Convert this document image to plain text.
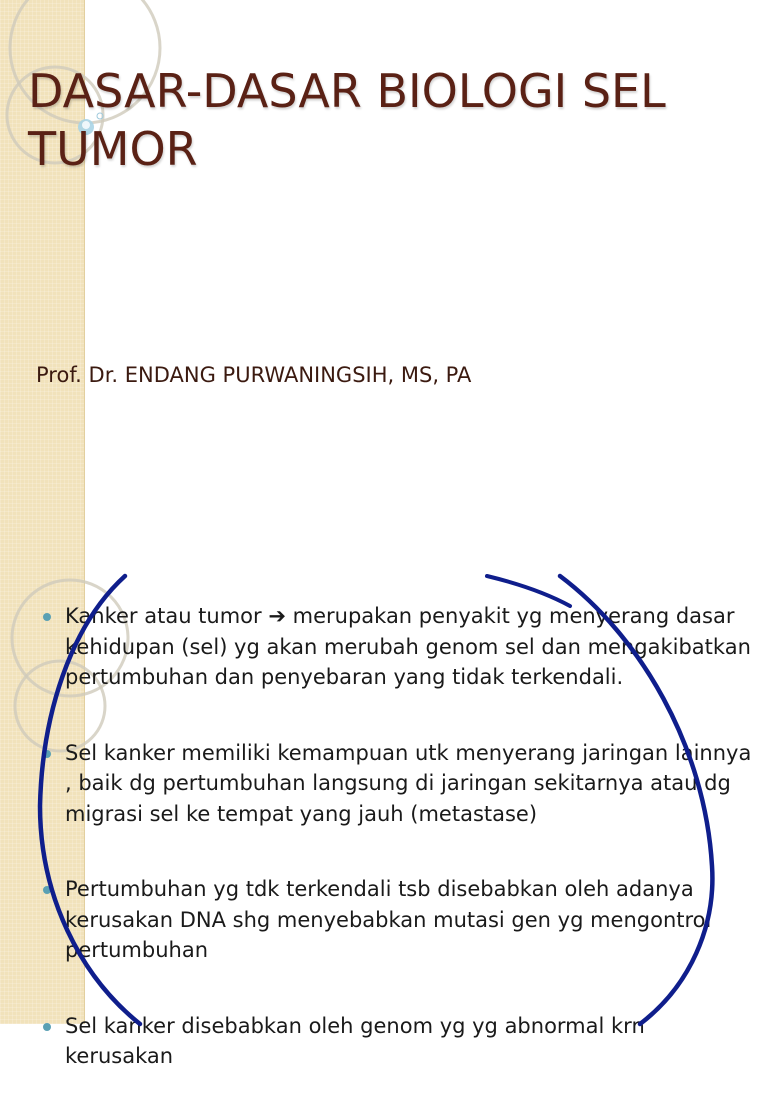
DASAR-DASAR BIOLOGI SEL TUMOR
Prof. Dr. ENDANG PURWANINGSIH, MS, PA
Kanker atau tumor ➔ merupakan penyakit yg menyerang dasar kehidupan (sel) yg akan merubah genom sel dan mengakibatkan pertumbuhan dan penyebaran yang tidak terkendali.
Sel kanker memiliki kemampuan utk menyerang jaringan lainnya , baik dg pertumbuhan langsung di jaringan sekitarnya atau dg migrasi sel ke tempat yang jauh (metastase)
Pertumbuhan yg tdk terkendali tsb disebabkan oleh adanya kerusakan DNA shg menyebabkan mutasi gen yg mengontrol pertumbuhan
Sel kanker disebabkan oleh genom yg yg abnormal krn kerusakan
